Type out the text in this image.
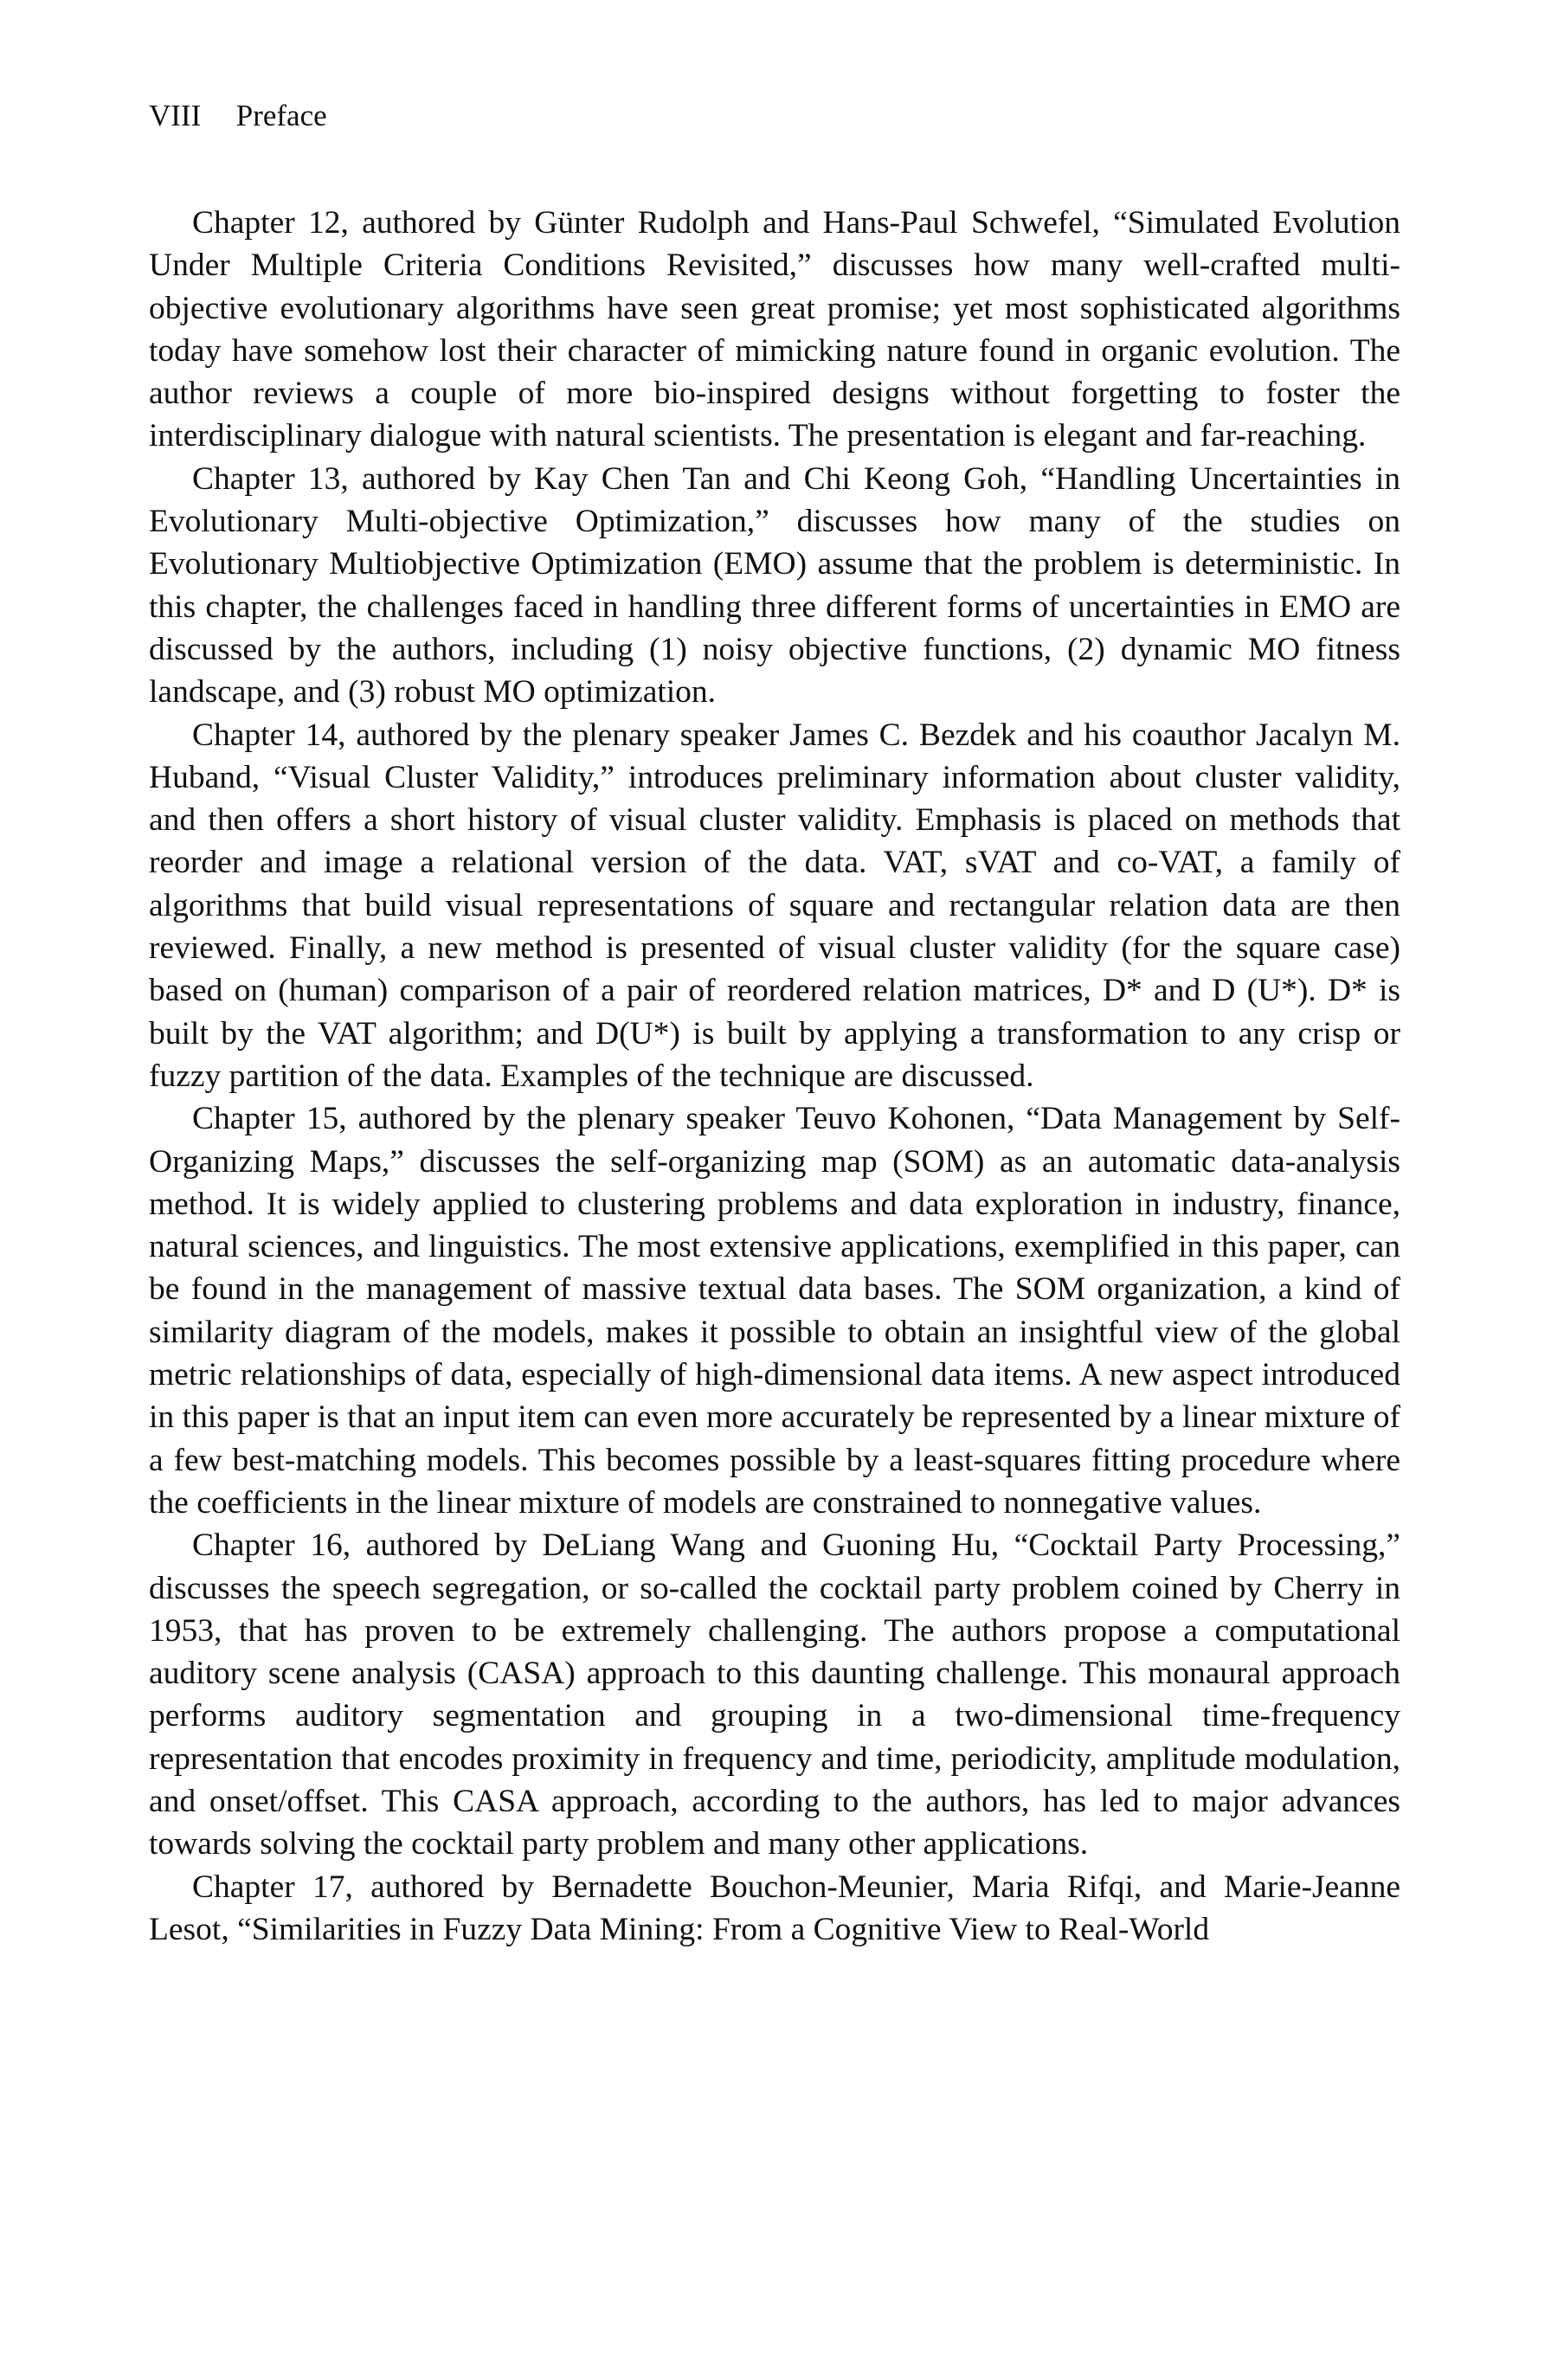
VIII Preface

Chapter 12, authored by Günter Rudolph and Hans-Paul Schwefel, “Simulated Evolution Under Multiple Criteria Conditions Revisited,” discusses how many well-crafted multi-objective evolutionary algorithms have seen great promise; yet most sophisticated algorithms today have somehow lost their character of mimicking nature found in organic evolution. The author reviews a couple of more bio-inspired designs without forgetting to foster the interdisciplinary dialogue with natural scientists. The presentation is elegant and far-reaching.

Chapter 13, authored by Kay Chen Tan and Chi Keong Goh, “Handling Uncertainties in Evolutionary Multi-objective Optimization,” discusses how many of the studies on Evolutionary Multiobjective Optimization (EMO) assume that the problem is deterministic. In this chapter, the challenges faced in handling three different forms of uncertainties in EMO are discussed by the authors, including (1) noisy objective functions, (2) dynamic MO fitness landscape, and (3) robust MO optimization.

Chapter 14, authored by the plenary speaker James C. Bezdek and his coauthor Jacalyn M. Huband, “Visual Cluster Validity,” introduces preliminary information about cluster validity, and then offers a short history of visual cluster validity. Emphasis is placed on methods that reorder and image a relational version of the data. VAT, sVAT and co-VAT, a family of algorithms that build visual representations of square and rectangular relation data are then reviewed. Finally, a new method is presented of visual cluster validity (for the square case) based on (human) comparison of a pair of reordered relation matrices, D* and D (U*). D* is built by the VAT algorithm; and D(U*) is built by applying a transformation to any crisp or fuzzy partition of the data. Examples of the technique are discussed.

Chapter 15, authored by the plenary speaker Teuvo Kohonen, “Data Management by Self-Organizing Maps,” discusses the self-organizing map (SOM) as an automatic data-analysis method. It is widely applied to clustering problems and data exploration in industry, finance, natural sciences, and linguistics. The most extensive applications, exemplified in this paper, can be found in the management of massive textual data bases. The SOM organization, a kind of similarity diagram of the models, makes it possible to obtain an insightful view of the global metric relationships of data, especially of high-dimensional data items. A new aspect introduced in this paper is that an input item can even more accurately be represented by a linear mixture of a few best-matching models. This becomes possible by a least-squares fitting procedure where the coefficients in the linear mixture of models are constrained to nonnegative values.

Chapter 16, authored by DeLiang Wang and Guoning Hu, “Cocktail Party Processing,” discusses the speech segregation, or so-called the cocktail party problem coined by Cherry in 1953, that has proven to be extremely challenging. The authors propose a computational auditory scene analysis (CASA) approach to this daunting challenge. This monaural approach performs auditory segmentation and grouping in a two-dimensional time-frequency representation that encodes proximity in frequency and time, periodicity, amplitude modulation, and onset/offset. This CASA approach, according to the authors, has led to major advances towards solving the cocktail party problem and many other applications.

Chapter 17, authored by Bernadette Bouchon-Meunier, Maria Rifqi, and Marie-Jeanne Lesot, “Similarities in Fuzzy Data Mining: From a Cognitive View to Real-World
